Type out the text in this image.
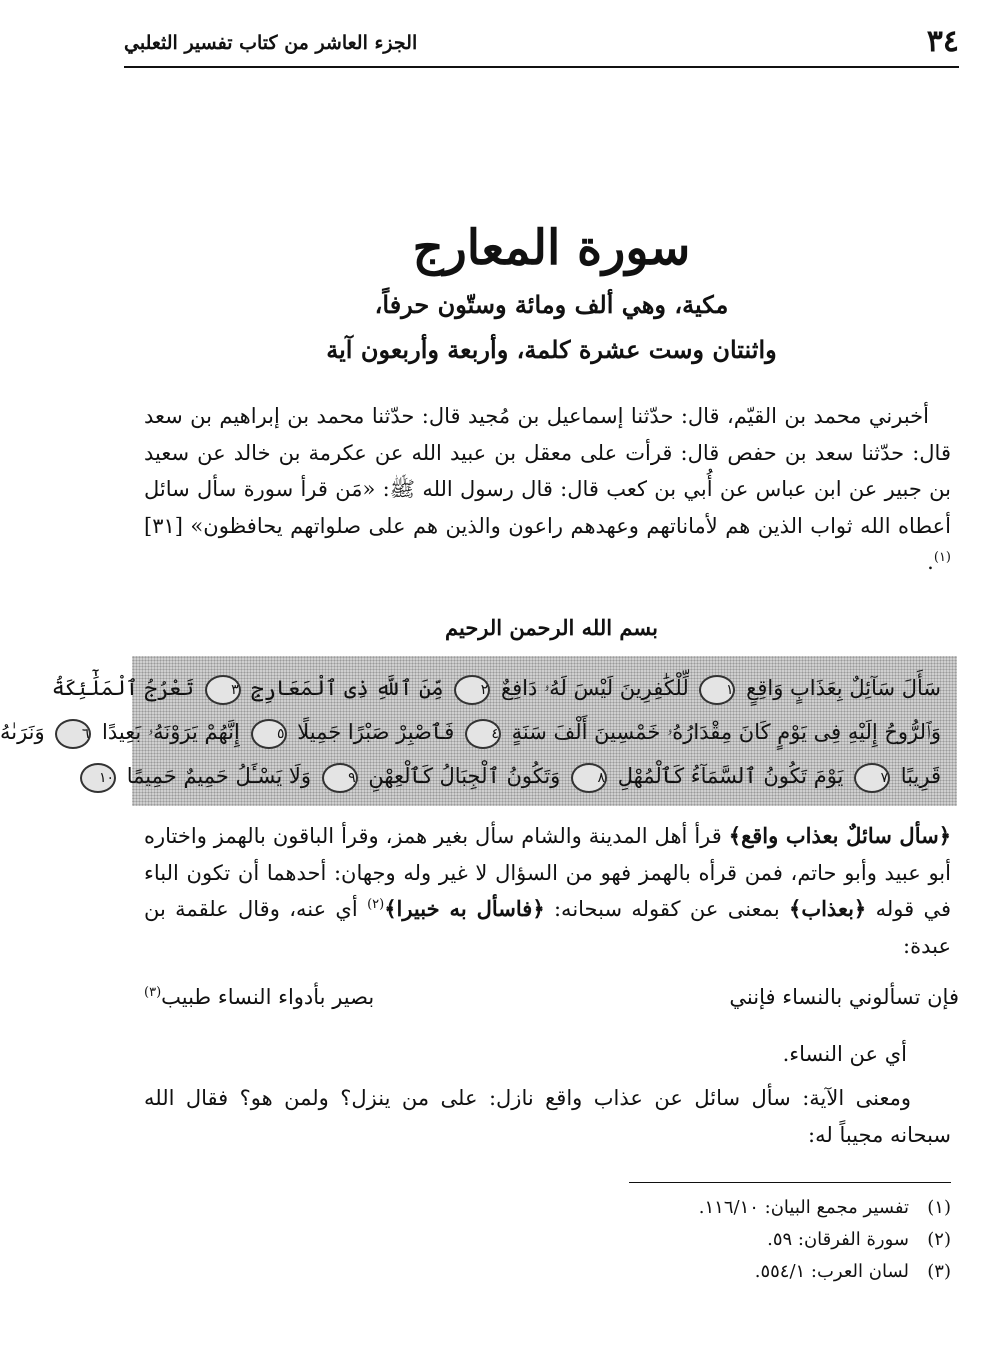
٣٤
الجزء العاشر من كتاب تفسير الثعلبي
سورة المعارج
مكية، وهي ألف ومائة وستّون حرفاً،
واثنتان وست عشرة كلمة، وأربعة وأربعون آية
أخبرني محمد بن القيّم، قال: حدّثنا إسماعيل بن مُجيد قال: حدّثنا محمد بن إبراهيم بن سعد قال: حدّثنا سعد بن حفص قال: قرأت على معقل بن عبيد الله عن عكرمة بن خالد عن سعيد بن جبير عن ابن عباس عن أُبي بن كعب قال: قال رسول الله ﷺ: «مَن قرأ سورة سأل سائل أعطاه الله ثواب الذين هم لأماناتهم وعهدهم راعون والذين هم على صلواتهم يحافظون» [٣١]$^{(١)}$.
بسم الله الرحمن الرحيم
سَأَلَ سَآئِلٌ بِعَذَابٍ وَاقِعٍ ١ لِّلْكَٰفِرِينَ لَيْسَ لَهُۥ دَافِعٌ ٢ مِّنَ ٱللَّهِ ذِى ٱلْمَعَارِجِ ٣ تَعْرُجُ ٱلْمَلَٰٓئِكَةُ
وَٱلرُّوحُ إِلَيْهِ فِى يَوْمٍ كَانَ مِقْدَارُهُۥ خَمْسِينَ أَلْفَ سَنَةٍ ٤ فَٱصْبِرْ صَبْرًا جَمِيلًا ٥ إِنَّهُمْ يَرَوْنَهُۥ بَعِيدًا ٦ وَنَرَىٰهُ
قَرِيبًا ٧ يَوْمَ تَكُونُ ٱلسَّمَآءُ كَٱلْمُهْلِ ٨ وَتَكُونُ ٱلْجِبَالُ كَٱلْعِهْنِ ٩ وَلَا يَسْـَٔلُ حَمِيمٌ حَمِيمًا ١٠
﴿سأل سائلٌ بعذاب واقع﴾ قرأ أهل المدينة والشام سأل بغير همز، وقرأ الباقون بالهمز واختاره أبو عبيد وأبو حاتم، فمن قرأه بالهمز فهو من السؤال لا غير وله وجهان: أحدهما أن تكون الباء في قوله ﴿بعذاب﴾ بمعنى عن كقوله سبحانه: ﴿فاسأل به خبيرا﴾$^{(٢)}$ أي عنه، وقال علقمة بن عبدة:
فإن تسألوني بالنساء فإنني
بصير بأدواء النساء طبيب$^{(٣)}$
أي عن النساء.
ومعنى الآية: سأل سائل عن عذاب واقع نازل: على من ينزل؟ ولمن هو؟ فقال الله سبحانه مجيباً له:
(١)
تفسير مجمع البيان: ١١٦/١٠.
(٢)
سورة الفرقان: ٥٩.
(٣)
لسان العرب: ٥٥٤/١.
